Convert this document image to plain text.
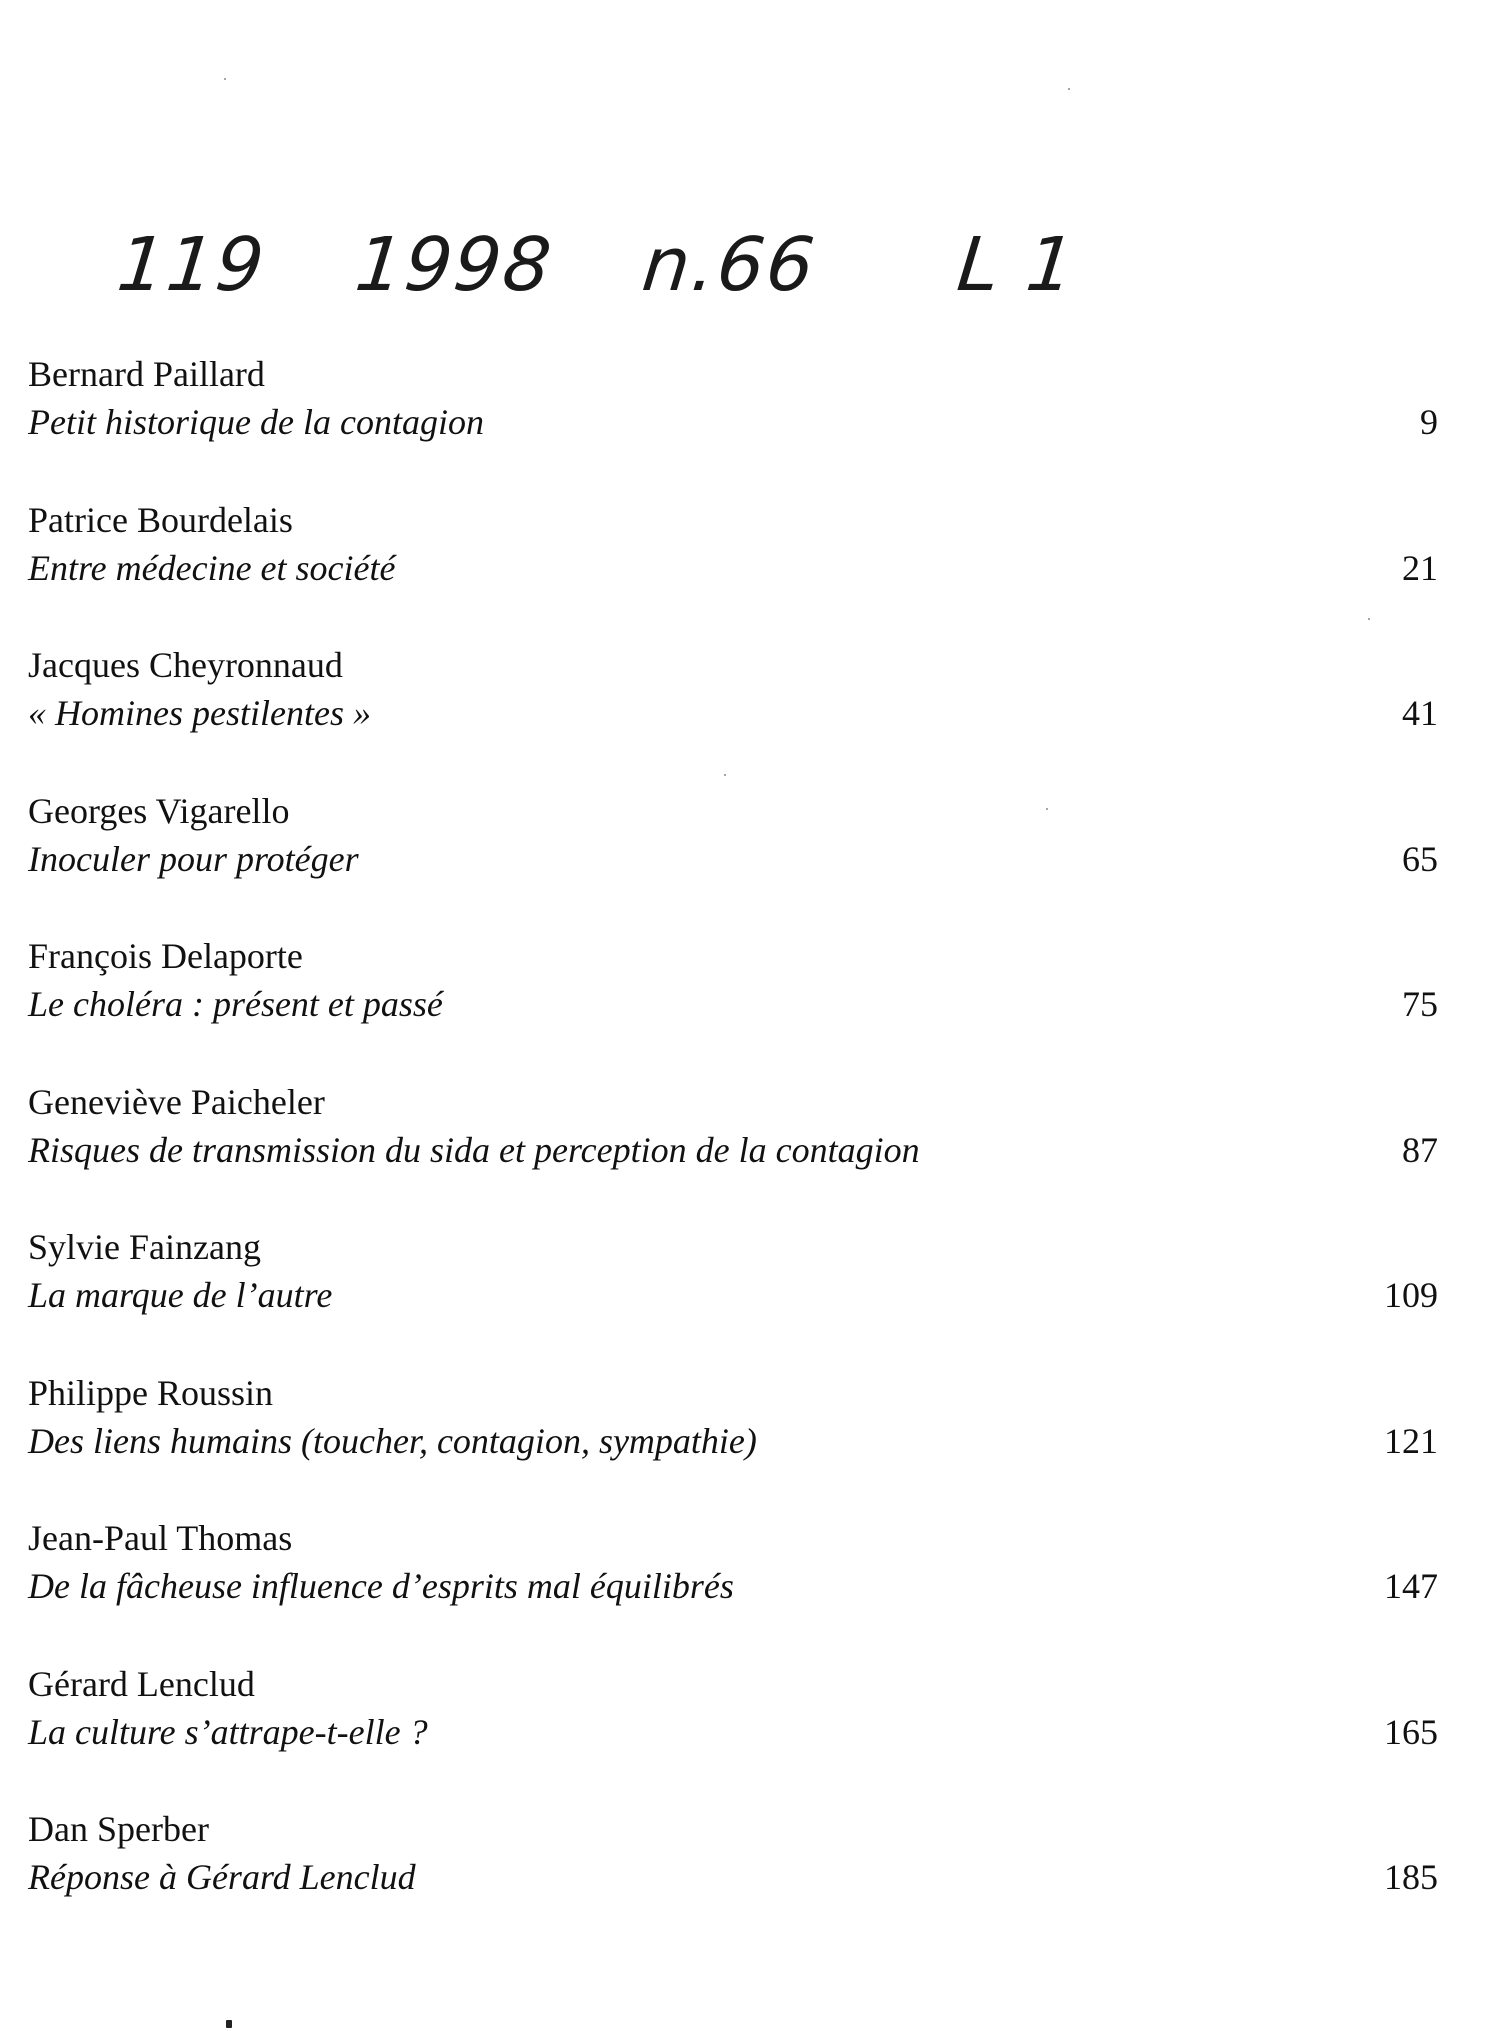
119 1998 n.66 L 1
Bernard Paillard
Petit historique de la contagion	9
Patrice Bourdelais
Entre médecine et société	21
Jacques Cheyronnaud
« Homines pestilentes »	41
Georges Vigarello
Inoculer pour protéger	65
François Delaporte
Le choléra : présent et passé	75
Geneviève Paicheler
Risques de transmission du sida et perception de la contagion	87
Sylvie Fainzang
La marque de l’autre	109
Philippe Roussin
Des liens humains (toucher, contagion, sympathie)	121
Jean-Paul Thomas
De la fâcheuse influence d’esprits mal équilibrés	147
Gérard Lenclud
La culture s’attrape-t-elle ?	165
Dan Sperber
Réponse à Gérard Lenclud	185
